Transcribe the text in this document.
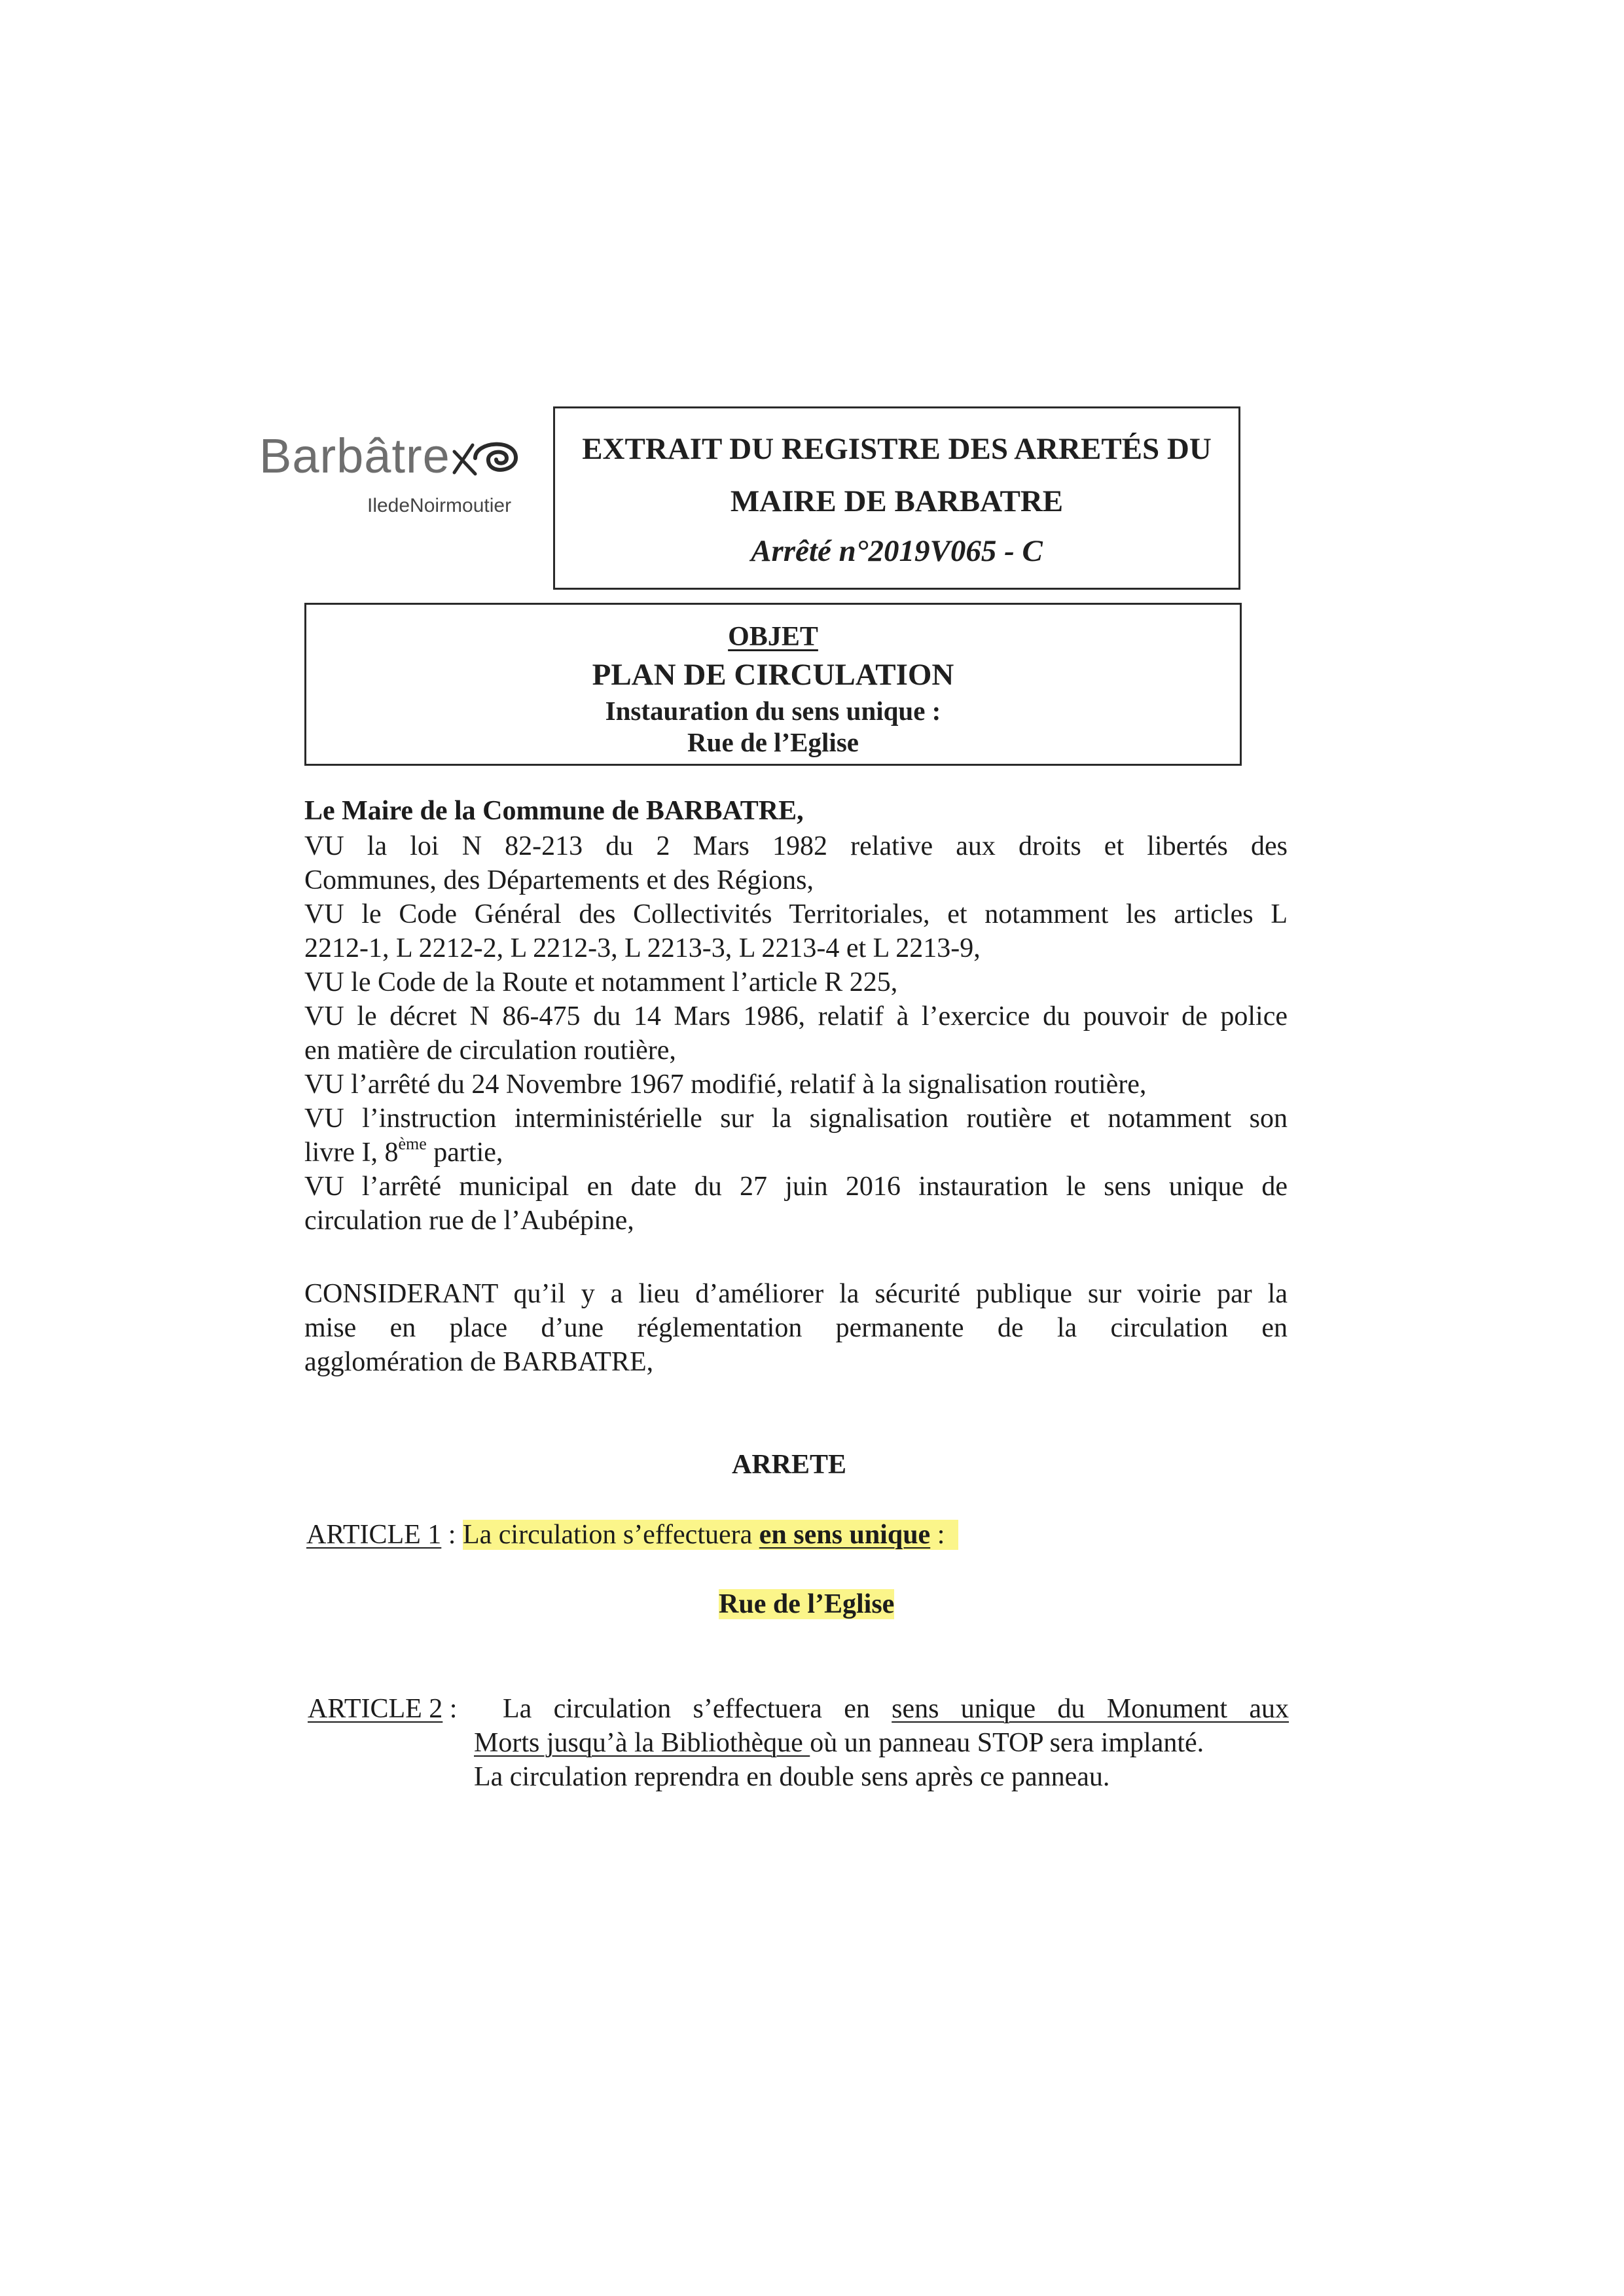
Barbâtre
IledeNoirmoutier
EXTRAIT DU REGISTRE DES ARRETÉS DU
MAIRE DE BARBATRE
Arrêté n°2019V065 - C
OBJET
PLAN DE CIRCULATION
Instauration du sens unique :
Rue de l’Eglise
Le Maire de la Commune de BARBATRE,
VU la loi N 82-213 du 2 Mars 1982 relative aux droits et libertés des
Communes, des Départements et des Régions,
VU le Code Général des Collectivités Territoriales, et notamment les articles L
2212-1, L 2212-2, L 2212-3, L 2213-3, L 2213-4 et L 2213-9,
VU le Code de la Route et notamment l’article R 225,
VU le décret N 86-475 du 14 Mars 1986, relatif à l’exercice du pouvoir de police
en matière de circulation routière,
VU l’arrêté du 24 Novembre 1967 modifié, relatif à la signalisation routière,
VU l’instruction interministérielle sur la signalisation routière et notamment son
livre I, 8ème partie,
VU l’arrêté municipal en date du 27 juin 2016 instauration le sens unique de
circulation rue de l’Aubépine,
CONSIDERANT qu’il y a lieu d’améliorer la sécurité publique sur voirie par la
mise en place d’une réglementation permanente de la circulation en
agglomération de BARBATRE,
ARRETE
ARTICLE 1 : La circulation s’effectuera en sens unique :
Rue de l’Eglise
ARTICLE 2 : La circulation s’effectuera en sens unique du Monument aux
Morts jusqu’à la Bibliothèque où un panneau STOP sera implanté.
La circulation reprendra en double sens après ce panneau.
